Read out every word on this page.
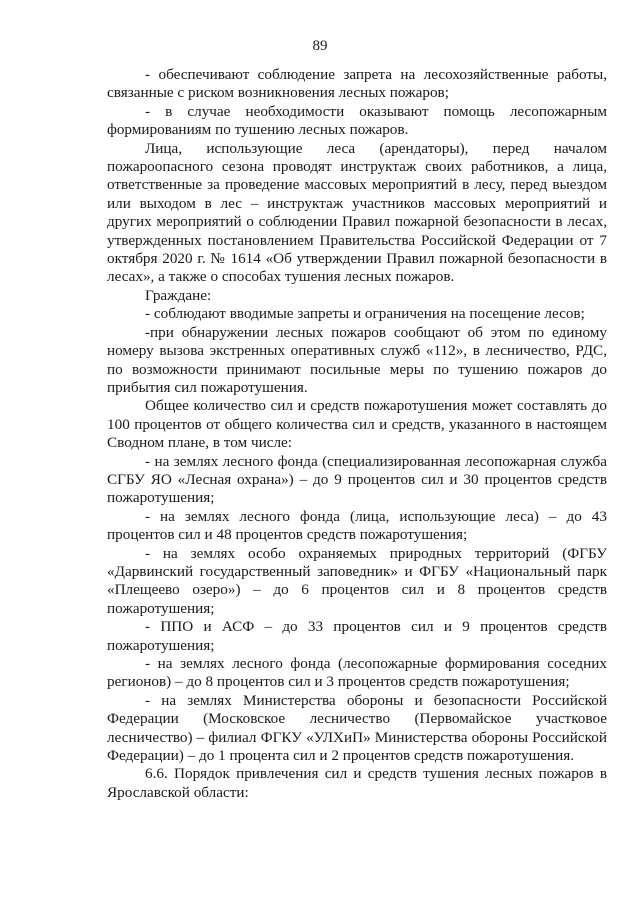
89

- обеспечивают соблюдение запрета на лесохозяйственные работы, связанные с риском возникновения лесных пожаров;

- в случае необходимости оказывают помощь лесопожарным формированиям по тушению лесных пожаров.

Лица, использующие леса (арендаторы), перед началом пожароопасного сезона проводят инструктаж своих работников, а лица, ответственные за проведение массовых мероприятий в лесу, перед выездом или выходом в лес – инструктаж участников массовых мероприятий и других мероприятий о соблюдении Правил пожарной безопасности в лесах, утвержденных постановлением Правительства Российской Федерации от 7 октября 2020 г. № 1614 «Об утверждении Правил пожарной безопасности в лесах», а также о способах тушения лесных пожаров.

Граждане:

- соблюдают вводимые запреты и ограничения на посещение лесов;

-при обнаружении лесных пожаров сообщают об этом по единому номеру вызова экстренных оперативных служб «112», в лесничество, РДС, по возможности принимают посильные меры по тушению пожаров до прибытия сил пожаротушения.

Общее количество сил и средств пожаротушения может составлять до 100 процентов от общего количества сил и средств, указанного в настоящем Сводном плане, в том числе:

- на землях лесного фонда (специализированная лесопожарная служба СГБУ ЯО «Лесная охрана») – до 9 процентов сил и 30 процентов средств пожаротушения;

- на землях лесного фонда (лица, использующие леса) – до 43 процентов сил и 48 процентов средств пожаротушения;

- на землях особо охраняемых природных территорий (ФГБУ «Дарвинский государственный заповедник» и ФГБУ «Национальный парк «Плещеево озеро») – до 6 процентов сил и 8 процентов средств пожаротушения;

- ППО и АСФ – до 33 процентов сил и 9 процентов средств пожаротушения;

- на землях лесного фонда (лесопожарные формирования соседних регионов) – до 8 процентов сил и 3 процентов средств пожаротушения;

- на землях Министерства обороны и безопасности Российской Федерации (Московское лесничество (Первомайское участковое лесничество) – филиал ФГКУ «УЛХиП» Министерства обороны Российской Федерации) – до 1 процента сил и 2 процентов средств пожаротушения.

6.6. Порядок привлечения сил и средств тушения лесных пожаров в Ярославской области:
